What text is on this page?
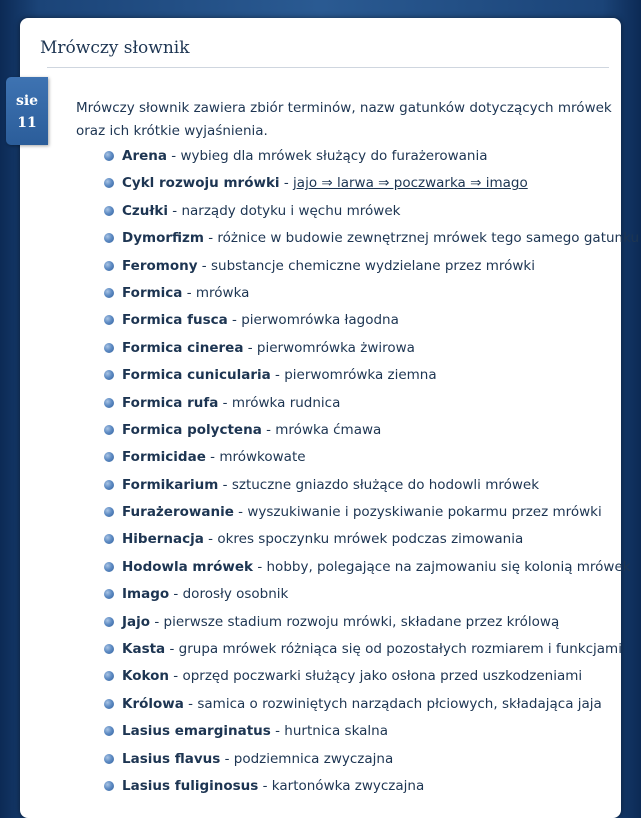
Mrówczy słownik

Mrówczy słownik zawiera zbiór terminów, nazw gatunków dotyczących mrówek oraz ich krótkie wyjaśnienia.

Arena - wybieg dla mrówek służący do furażerowania
Cykl rozwoju mrówki - jajo ⇒ larwa ⇒ poczwarka ⇒ imago
Czułki - narządy dotyku i węchu mrówek
Dymorfizm - różnice w budowie zewnętrznej mrówek tego samego gatunku
Feromony - substancje chemiczne wydzielane przez mrówki
Formica - mrówka
Formica fusca - pierwomrówka łagodna
Formica cinerea - pierwomrówka żwirowa
Formica cunicularia - pierwomrówka ziemna
Formica rufa - mrówka rudnica
Formica polyctena - mrówka ćmawa
Formicidae - mrówkowate
Formikarium - sztuczne gniazdo służące do hodowli mrówek
Furażerowanie - wyszukiwanie i pozyskiwanie pokarmu przez mrówki
Hibernacja - okres spoczynku mrówek podczas zimowania
Hodowla mrówek - hobby, polegające na zajmowaniu się kolonią mrówek
Imago - dorosły osobnik
Jajo - pierwsze stadium rozwoju mrówki, składane przez królową
Kasta - grupa mrówek różniąca się od pozostałych rozmiarem i funkcjami
Kokon - oprzęd poczwarki służący jako osłona przed uszkodzeniami
Królowa - samica o rozwiniętych narządach płciowych, składająca jaja
Lasius emarginatus - hurtnica skalna
Lasius flavus - podziemnica zwyczajna
Lasius fuliginosus - kartonówka zwyczajna
sie
11
